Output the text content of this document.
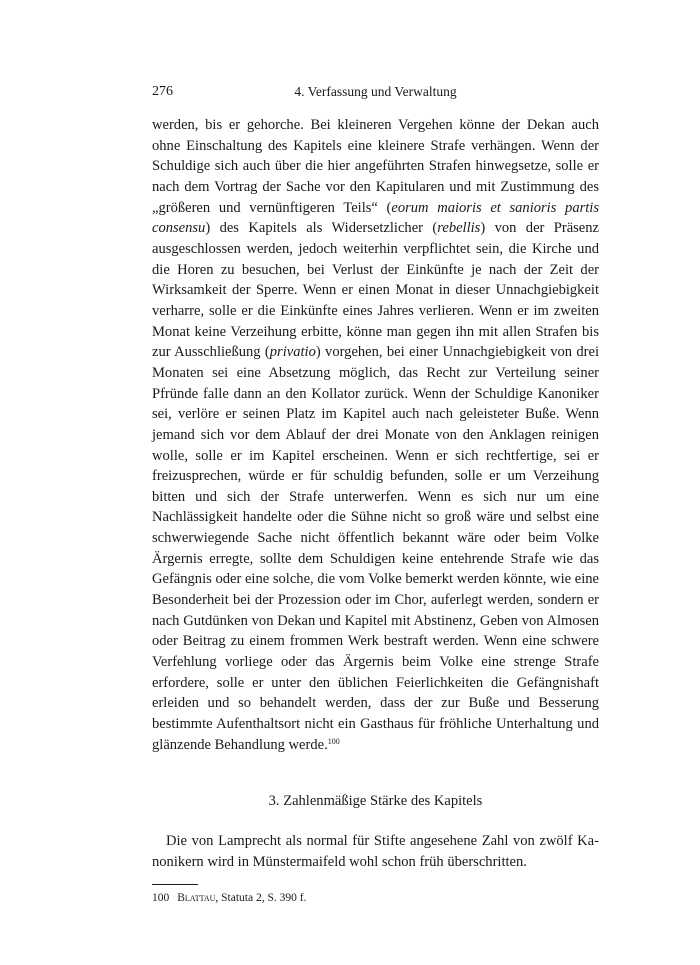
276	4. Verfassung und Verwaltung

werden, bis er gehorche. Bei kleineren Vergehen könne der Dekan auch ohne Einschaltung des Kapitels eine kleinere Strafe verhängen. Wenn der Schuldige sich auch über die hier angeführten Strafen hinwegsetze, solle er nach dem Vortrag der Sache vor den Kapitularen und mit Zustimmung des „größeren und vernünftigeren Teils“ (eorum maioris et sanioris partis consensu) des Kapitels als Widersetzlicher (rebellis) von der Präsenz ausgeschlossen werden, jedoch weiterhin verpflichtet sein, die Kirche und die Horen zu besuchen, bei Verlust der Einkünfte je nach der Zeit der Wirksamkeit der Sperre. Wenn er einen Monat in dieser Unnachgiebigkeit verharre, solle er die Einkünfte eines Jahres verlieren. Wenn er im zweiten Monat keine Verzeihung erbitte, könne man gegen ihn mit allen Strafen bis zur Ausschließung (privatio) vorgehen, bei einer Unnachgiebigkeit von drei Monaten sei eine Absetzung möglich, das Recht zur Verteilung seiner Pfründe falle dann an den Kollator zurück. Wenn der Schuldige Kanoniker sei, verlöre er seinen Platz im Kapitel auch nach geleisteter Buße. Wenn jemand sich vor dem Ablauf der drei Monate von den Anklagen reinigen wolle, solle er im Kapitel erscheinen. Wenn er sich rechtfertige, sei er freizusprechen, würde er für schuldig befunden, solle er um Verzeihung bitten und sich der Strafe unterwerfen. Wenn es sich nur um eine Nachlässigkeit handelte oder die Sühne nicht so groß wäre und selbst eine schwerwiegende Sache nicht öffentlich bekannt wäre oder beim Volke Ärgernis erregte, sollte dem Schuldigen keine entehrende Strafe wie das Gefängnis oder eine solche, die vom Volke bemerkt werden könnte, wie eine Besonderheit bei der Prozession oder im Chor, auferlegt werden, sondern er nach Gutdünken von Dekan und Kapitel mit Abstinenz, Geben von Almosen oder Beitrag zu einem frommen Werk bestraft werden. Wenn eine schwere Verfehlung vorliege oder das Ärgernis beim Volke eine strenge Strafe erfordere, solle er unter den üblichen Feierlichkeiten die Gefängnishaft erleiden und so behandelt werden, dass der zur Buße und Besserung bestimmte Aufenthaltsort nicht ein Gasthaus für fröhliche Unterhaltung und glänzende Behandlung werde.$^{100}$

3. Zahlenmäßige Stärke des Kapitels
Die von Lamprecht als normal für Stifte angesehene Zahl von zwölf Kanonikern wird in Münstermaifeld wohl schon früh überschritten.
100 Blattau, Statuta 2, S. 390 f.
